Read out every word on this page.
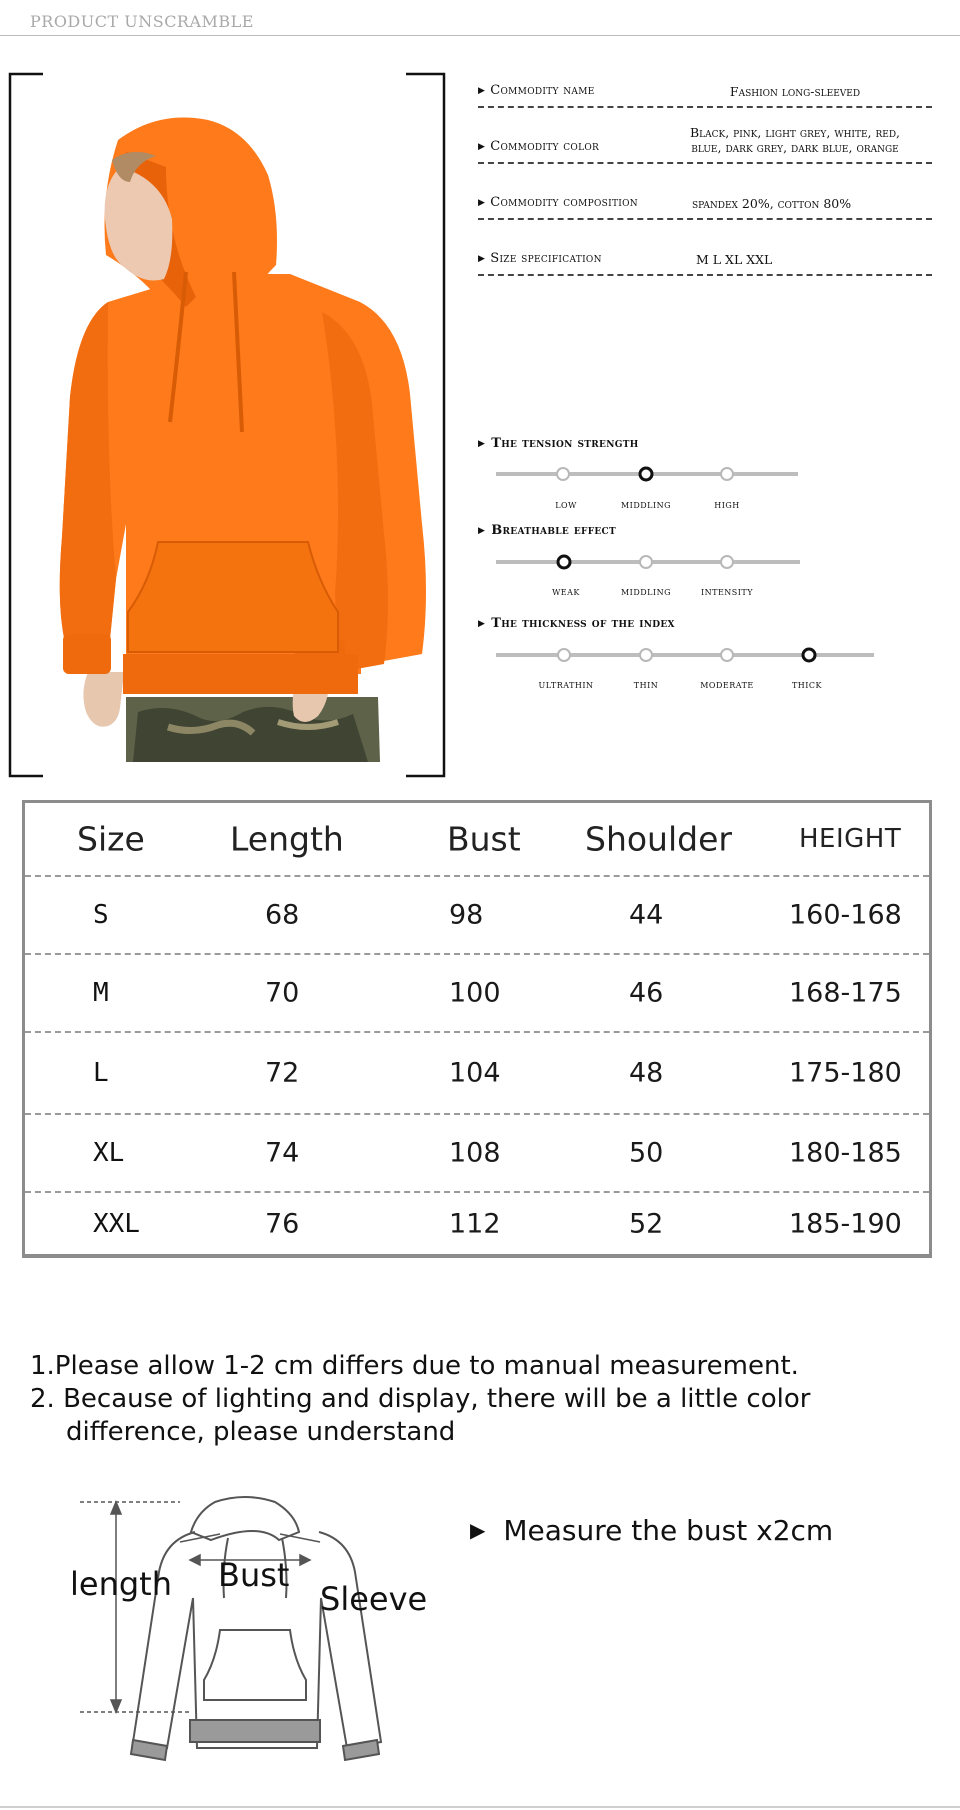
PRODUCT UNSCRAMBLE
▶ Commodity name	Fashion long-sleeved
▶ Commodity color
Black, pink, light grey, white, red,
blue, dark grey, dark blue, orange
▶ Commodity composition	spandex 20%, cotton 80%
▶ Size specification	M L XL XXL
▶ The tension strength
low	middling	high
▶ Breathable effect
weak	middling	intensity
▶ The thickness of the index
ultrathin	thin	moderate	thick
Size	Length	Bust Shoulder	HEIGHT
S	68	98	44	160-168
M	70	100	46	168-175
L	72	104	48	175-180
XL	74	108	50	180-185
XXL	76	112	52	185-190
1.Please allow 1-2 cm differs due to manual measurement.
2. Because of lighting and display, there will be a little color
difference, please understand
length Bust
Sleeve
▶ Measure the bust x2cm
